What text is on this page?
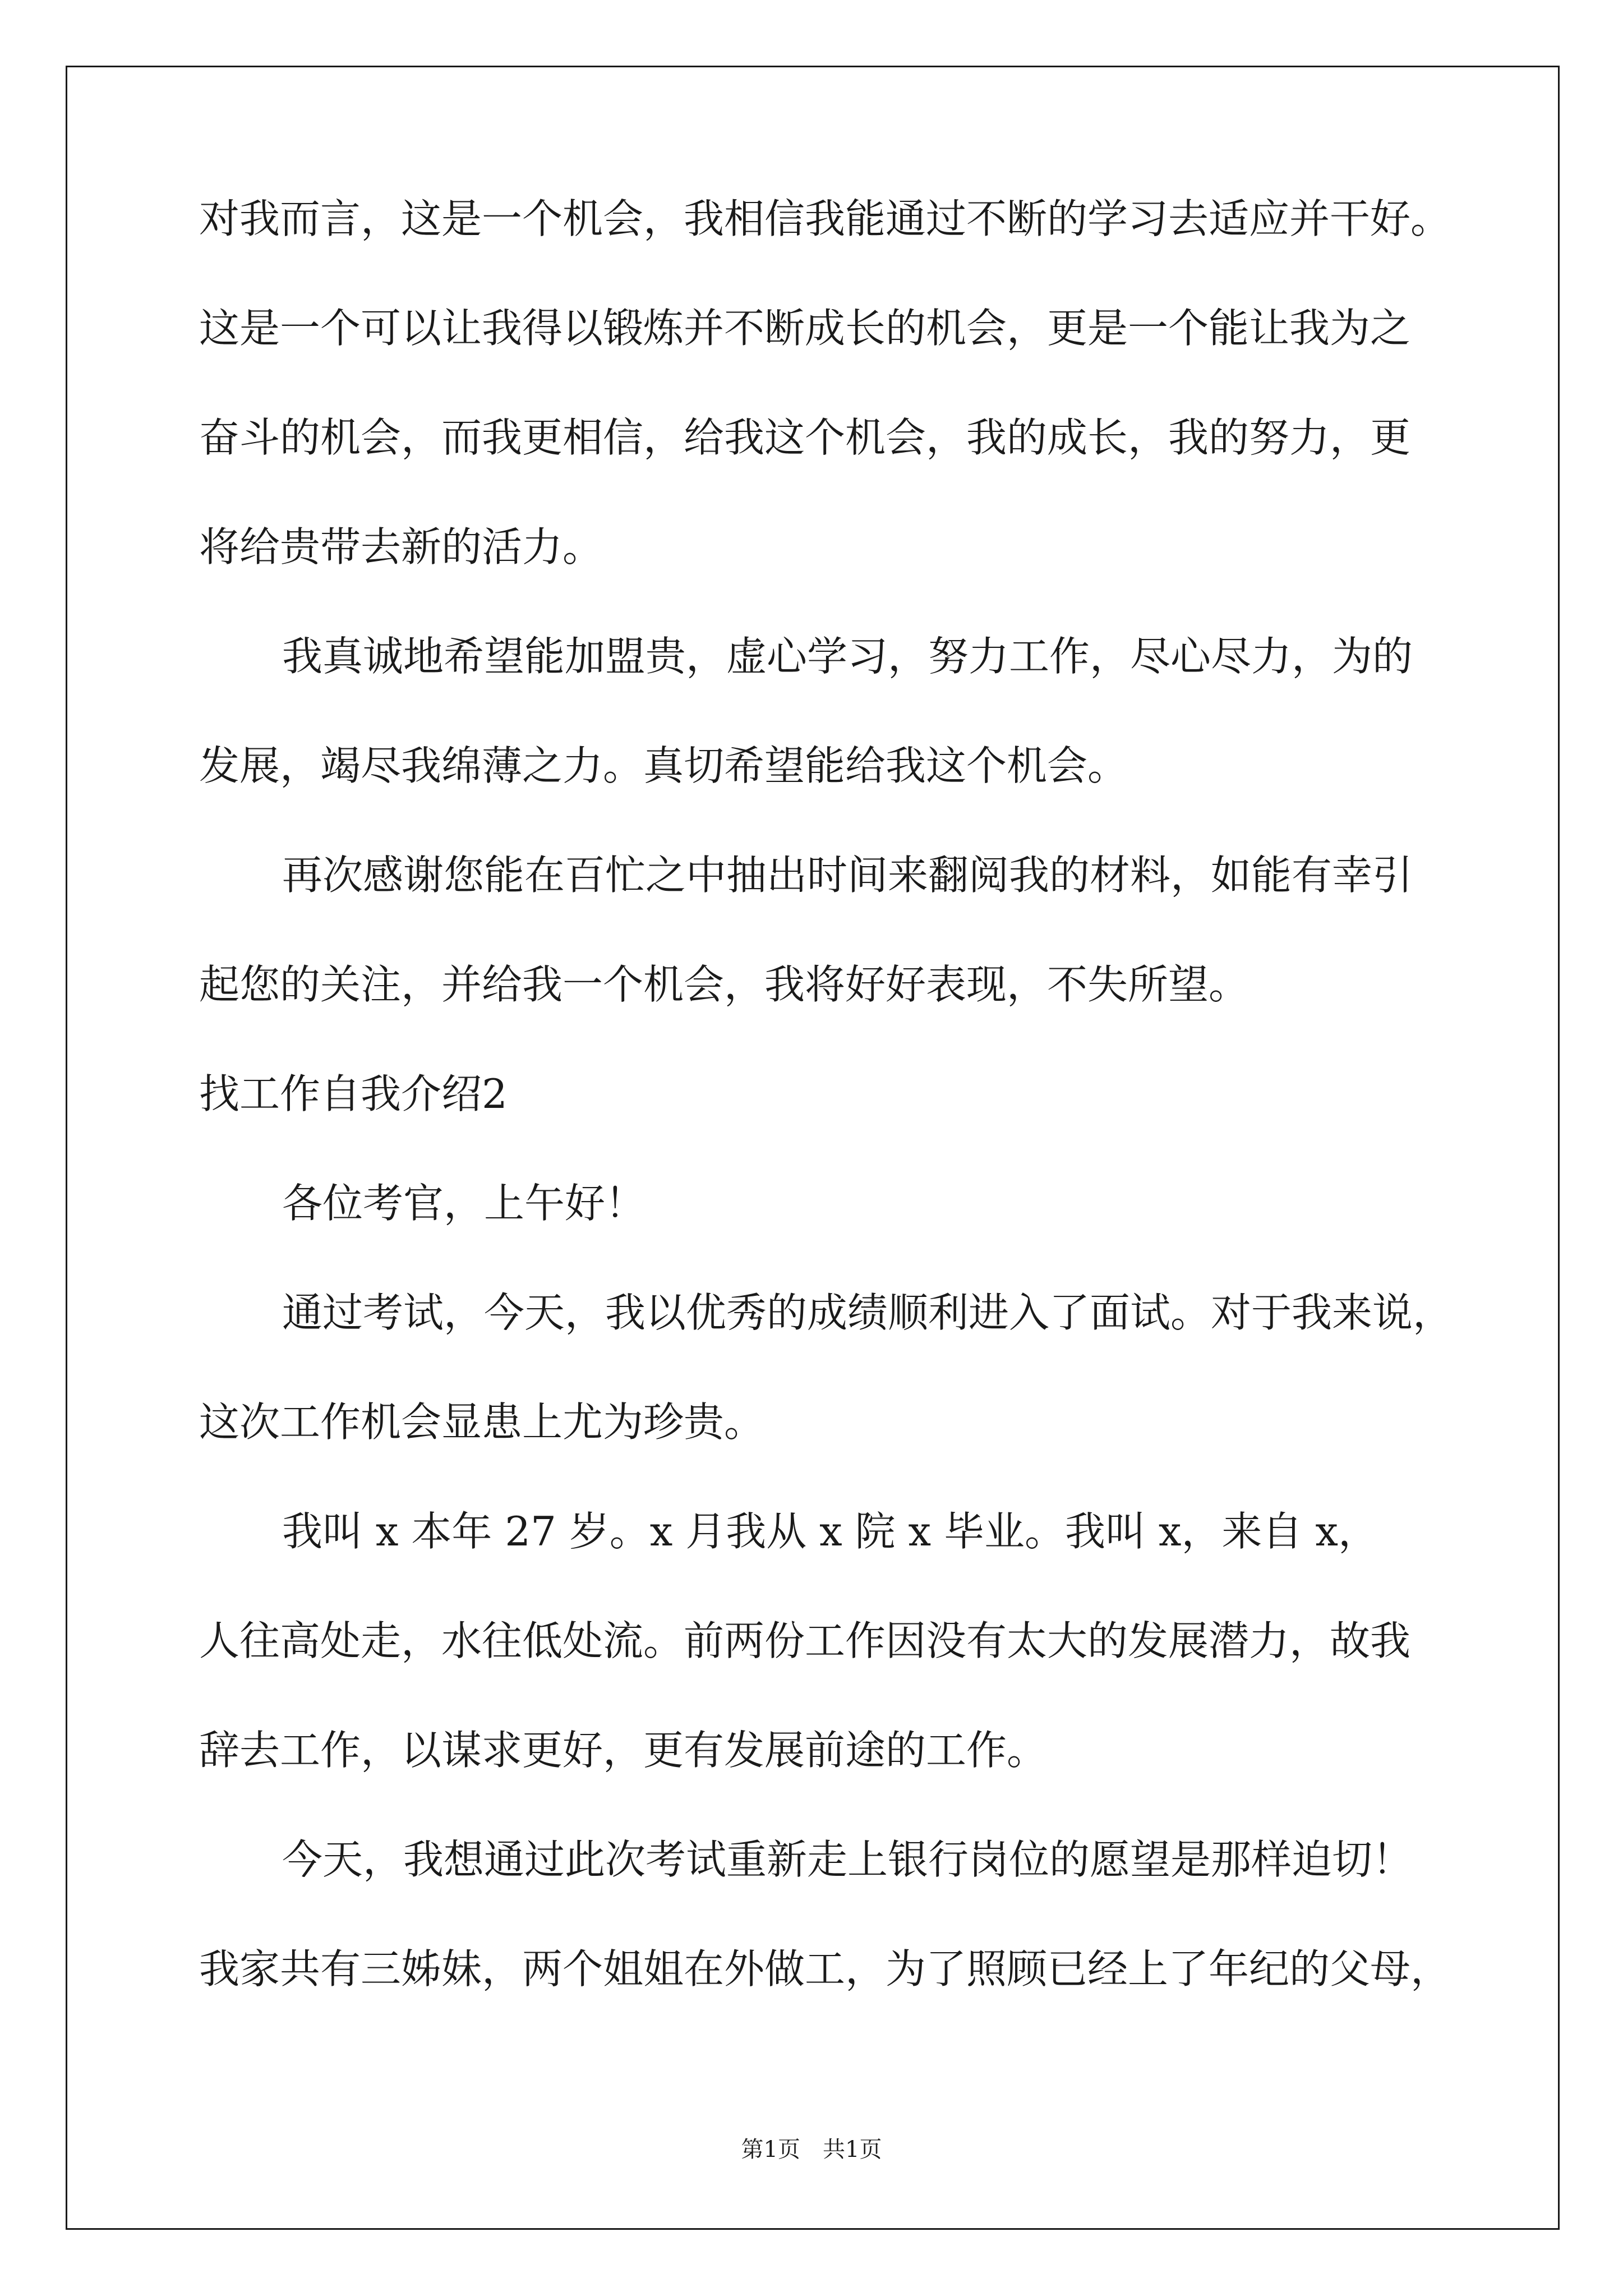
对我而言，这是一个机会，我相信我能通过不断的学习去适应并干好。
这是一个可以让我得以锻炼并不断成长的机会，更是一个能让我为之
奋斗的机会，而我更相信，给我这个机会，我的成长，我的努力，更
将给贵带去新的活力。
我真诚地希望能加盟贵，虚心学习，努力工作，尽心尽力，为的
发展，竭尽我绵薄之力。真切希望能给我这个机会。
再次感谢您能在百忙之中抽出时间来翻阅我的材料，如能有幸引
起您的关注，并给我一个机会，我将好好表现，不失所望。
找工作自我介绍2
各位考官，上午好！
通过考试，今天，我以优秀的成绩顺利进入了面试。对于我来说，
这次工作机会显患上尤为珍贵。
我叫 x 本年 27 岁。x 月我从 x 院 x 毕业。我叫 x，来自 x，
人往高处走，水往低处流。前两份工作因没有太大的发展潜力，故我
辞去工作，以谋求更好，更有发展前途的工作。
今天，我想通过此次考试重新走上银行岗位的愿望是那样迫切！
我家共有三姊妹，两个姐姐在外做工，为了照顾已经上了年纪的父母，
第1页　共1页
